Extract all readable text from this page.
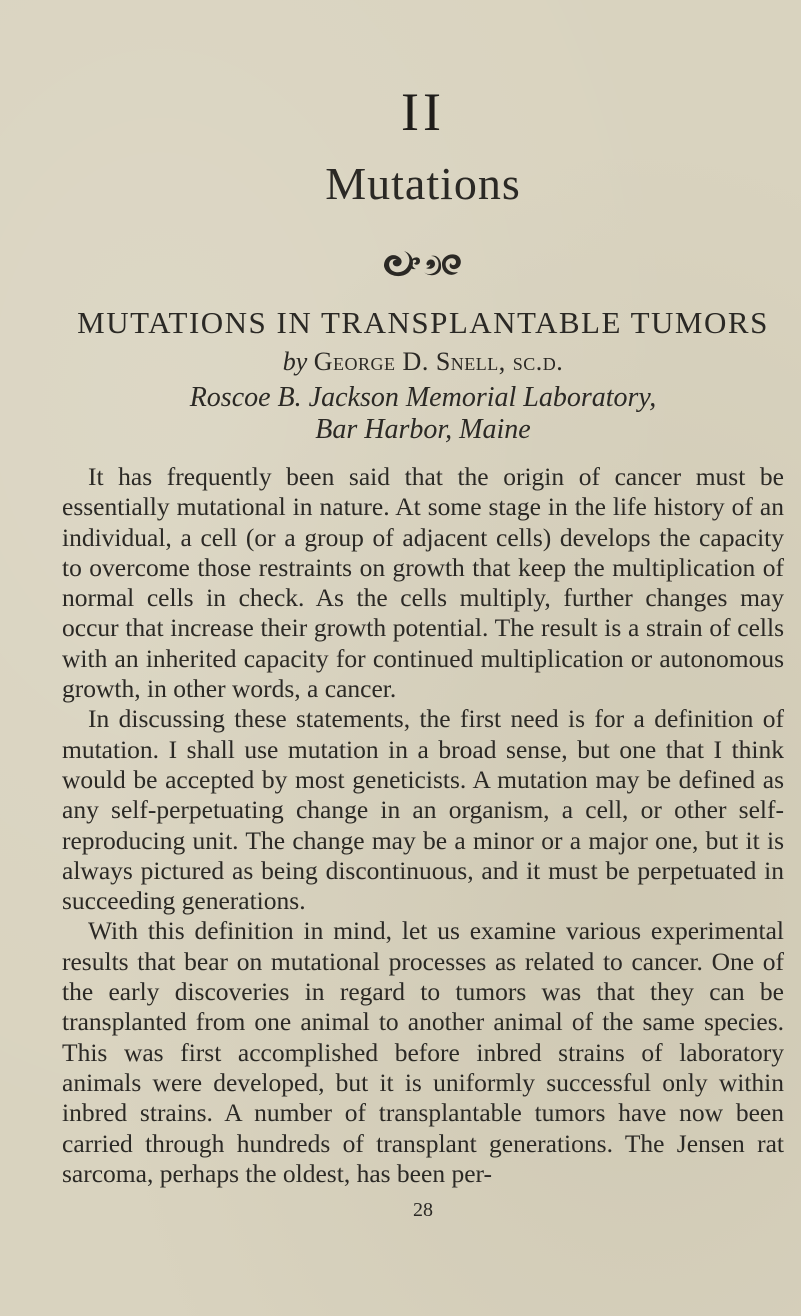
II
Mutations
MUTATIONS IN TRANSPLANTABLE TUMORS
by George D. Snell, sc.d.
Roscoe B. Jackson Memorial Laboratory,
Bar Harbor, Maine

It has frequently been said that the origin of cancer must be essentially mutational in nature. At some stage in the life history of an individual, a cell (or a group of adjacent cells) develops the capacity to overcome those restraints on growth that keep the multiplication of normal cells in check. As the cells multiply, further changes may occur that increase their growth potential. The result is a strain of cells with an inherited capacity for continued multiplication or autonomous growth, in other words, a cancer.

In discussing these statements, the first need is for a definition of mutation. I shall use mutation in a broad sense, but one that I think would be accepted by most geneticists. A mutation may be defined as any self-perpetuating change in an organism, a cell, or other self-reproducing unit. The change may be a minor or a major one, but it is always pictured as being discontinuous, and it must be perpetuated in succeeding generations.

With this definition in mind, let us examine various experimental results that bear on mutational processes as related to cancer. One of the early discoveries in regard to tumors was that they can be transplanted from one animal to another animal of the same species. This was first accomplished before inbred strains of laboratory animals were developed, but it is uniformly successful only within inbred strains. A number of transplantable tumors have now been carried through hundreds of transplant generations. The Jensen rat sarcoma, perhaps the oldest, has been per-

28
